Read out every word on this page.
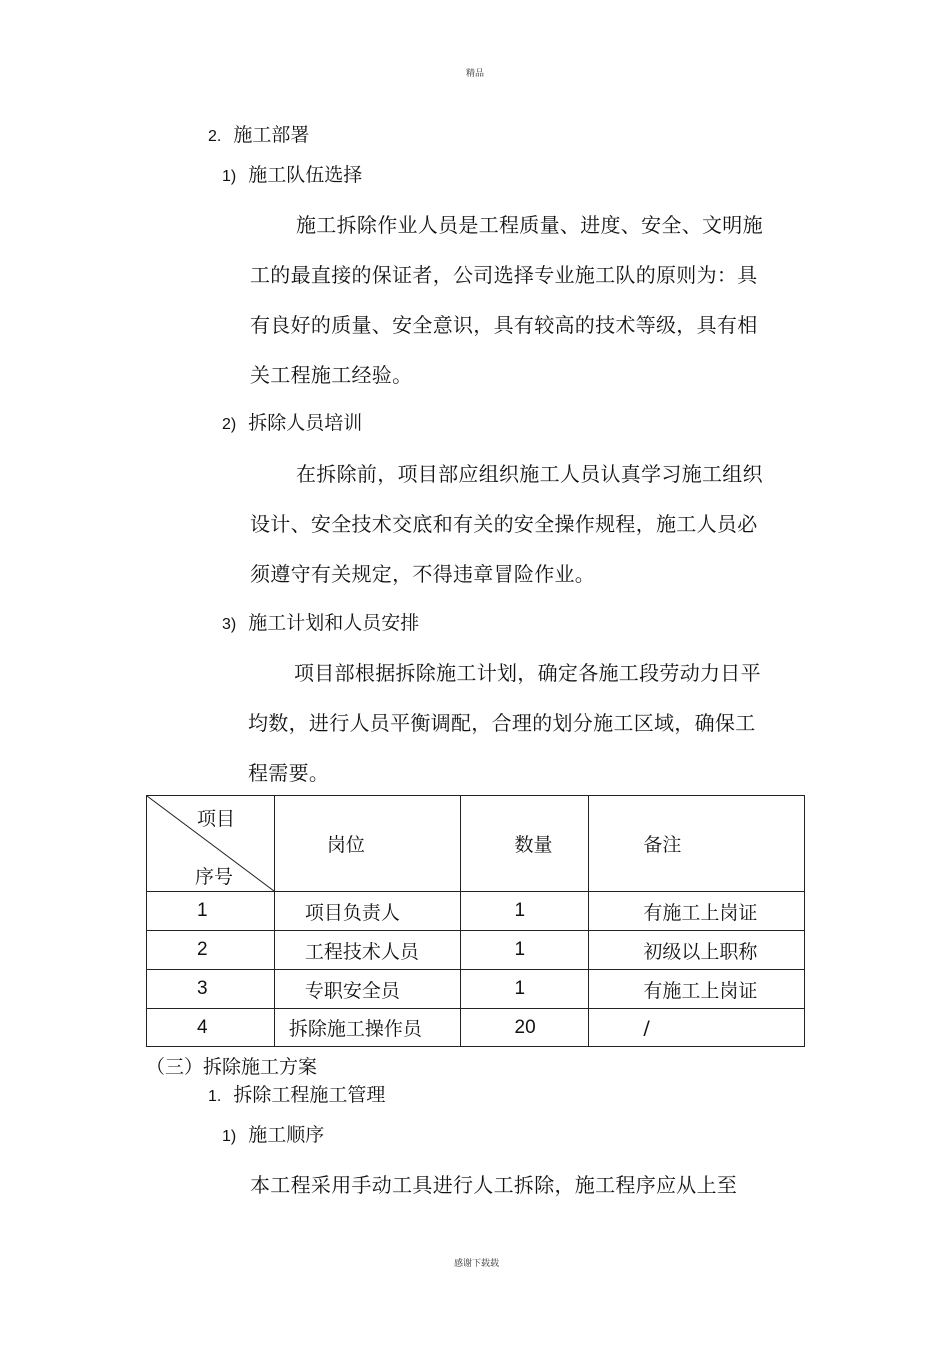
精品
2. 施工部署
1) 施工队伍选择
施工拆除作业人员是工程质量、进度、安全、文明施
工的最直接的保证者，公司选择专业施工队的原则为：具
有良好的质量、安全意识，具有较高的技术等级，具有相
关工程施工经验。
2) 拆除人员培训
在拆除前，项目部应组织施工人员认真学习施工组织
设计、安全技术交底和有关的安全操作规程，施工人员必
须遵守有关规定，不得违章冒险作业。
3) 施工计划和人员安排
项目部根据拆除施工计划，确定各施工段劳动力日平
均数，进行人员平衡调配，合理的划分施工区域，确保工
程需要。
项目
序号	岗位	数量	备注

1	项目负责人	1	有施工上岗证

2	工程技术人员	1	初级以上职称

3	专职安全员	1	有施工上岗证

4	拆除施工操作员	20	/
（三）拆除施工方案
1. 拆除工程施工管理
1) 施工顺序
本工程采用手动工具进行人工拆除，施工程序应从上至
感谢下载载
